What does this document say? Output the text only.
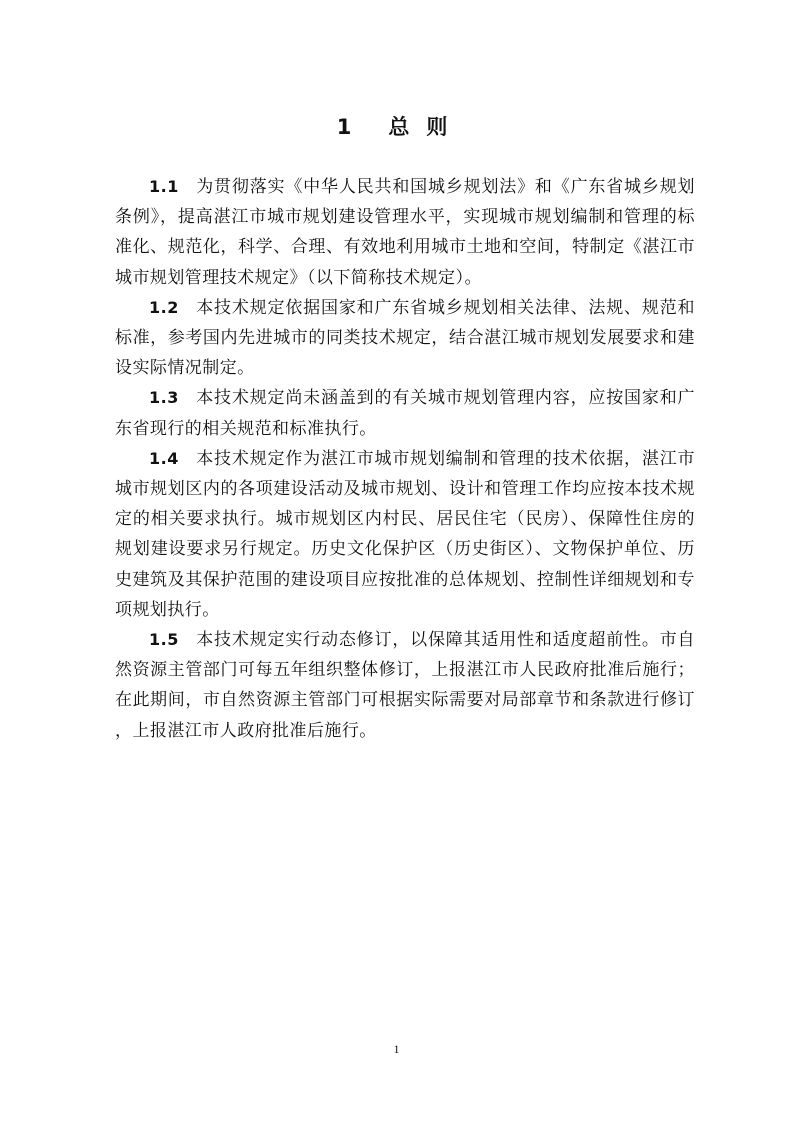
1 总 则

1.1 为贯彻落实《中华人民共和国城乡规划法》和《广东省城乡规划条例》，提高湛江市城市规划建设管理水平，实现城市规划编制和管理的标准化、规范化，科学、合理、有效地利用城市土地和空间，特制定《湛江市城市规划管理技术规定》（以下简称技术规定）。

1.2 本技术规定依据国家和广东省城乡规划相关法律、法规、规范和标准，参考国内先进城市的同类技术规定，结合湛江城市规划发展要求和建设实际情况制定。

1.3 本技术规定尚未涵盖到的有关城市规划管理内容，应按国家和广东省现行的相关规范和标准执行。

1.4 本技术规定作为湛江市城市规划编制和管理的技术依据，湛江市城市规划区内的各项建设活动及城市规划、设计和管理工作均应按本技术规定的相关要求执行。城市规划区内村民、居民住宅（民房）、保障性住房的规划建设要求另行规定。历史文化保护区（历史街区）、文物保护单位、历史建筑及其保护范围的建设项目应按批准的总体规划、控制性详细规划和专项规划执行。

1.5 本技术规定实行动态修订，以保障其适用性和适度超前性。市自然资源主管部门可每五年组织整体修订，上报湛江市人民政府批准后施行；在此期间，市自然资源主管部门可根据实际需要对局部章节和条款进行修订，上报湛江市人政府批准后施行。

1
